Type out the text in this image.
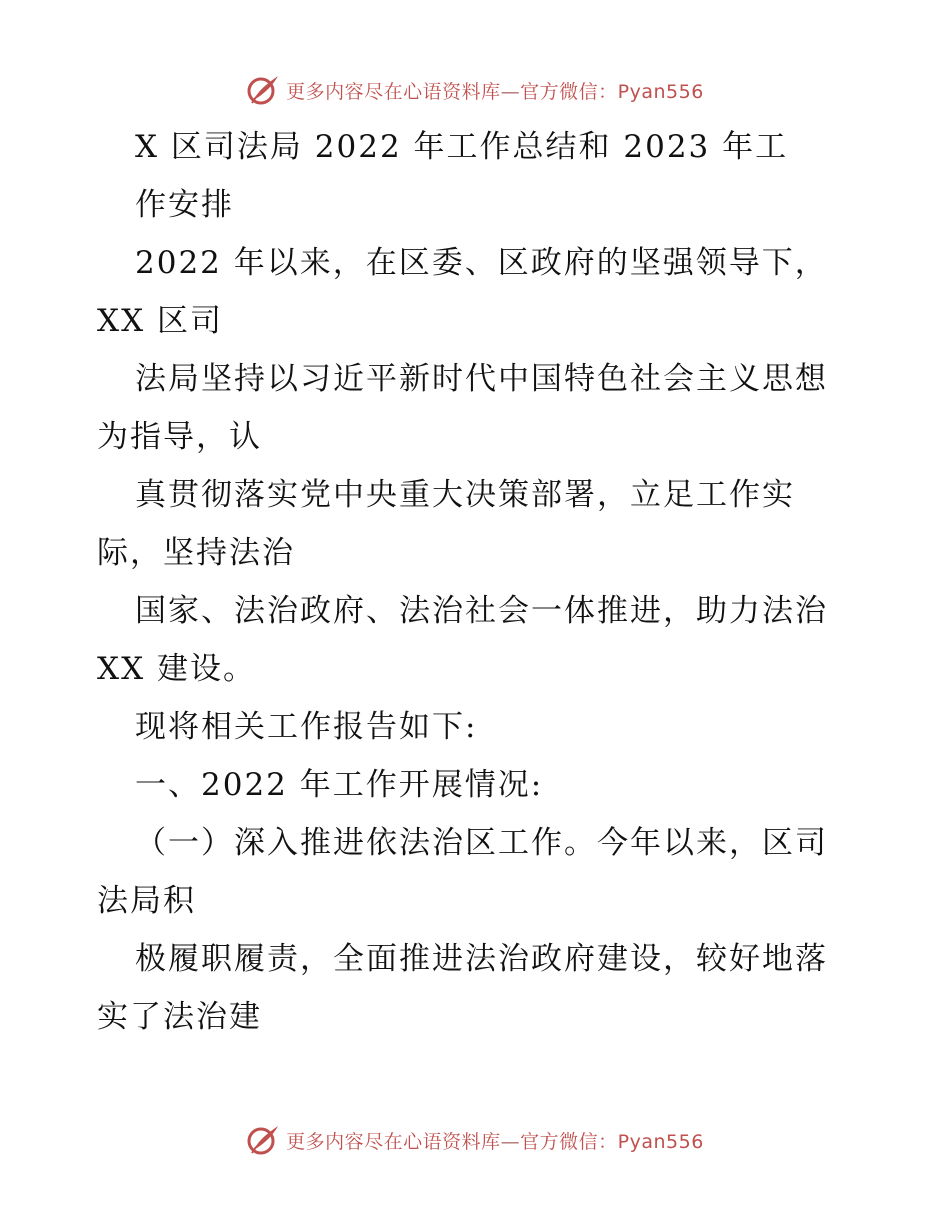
更多内容尽在心语资料库—官方微信：Pyan556
X 区司法局 2022 年工作总结和 2023 年工
作安排
2022 年以来，在区委、区政府的坚强领导下，
XX 区司
法局坚持以习近平新时代中国特色社会主义思想
为指导，认
真贯彻落实党中央重大决策部署，立足工作实
际，坚持法治
国家、法治政府、法治社会一体推进，助力法治
XX 建设。
现将相关工作报告如下:
一、2022 年工作开展情况:
（一）深入推进依法治区工作。今年以来，区司
法局积
极履职履责，全面推进法治政府建设，较好地落
实了法治建
更多内容尽在心语资料库—官方微信：Pyan556
